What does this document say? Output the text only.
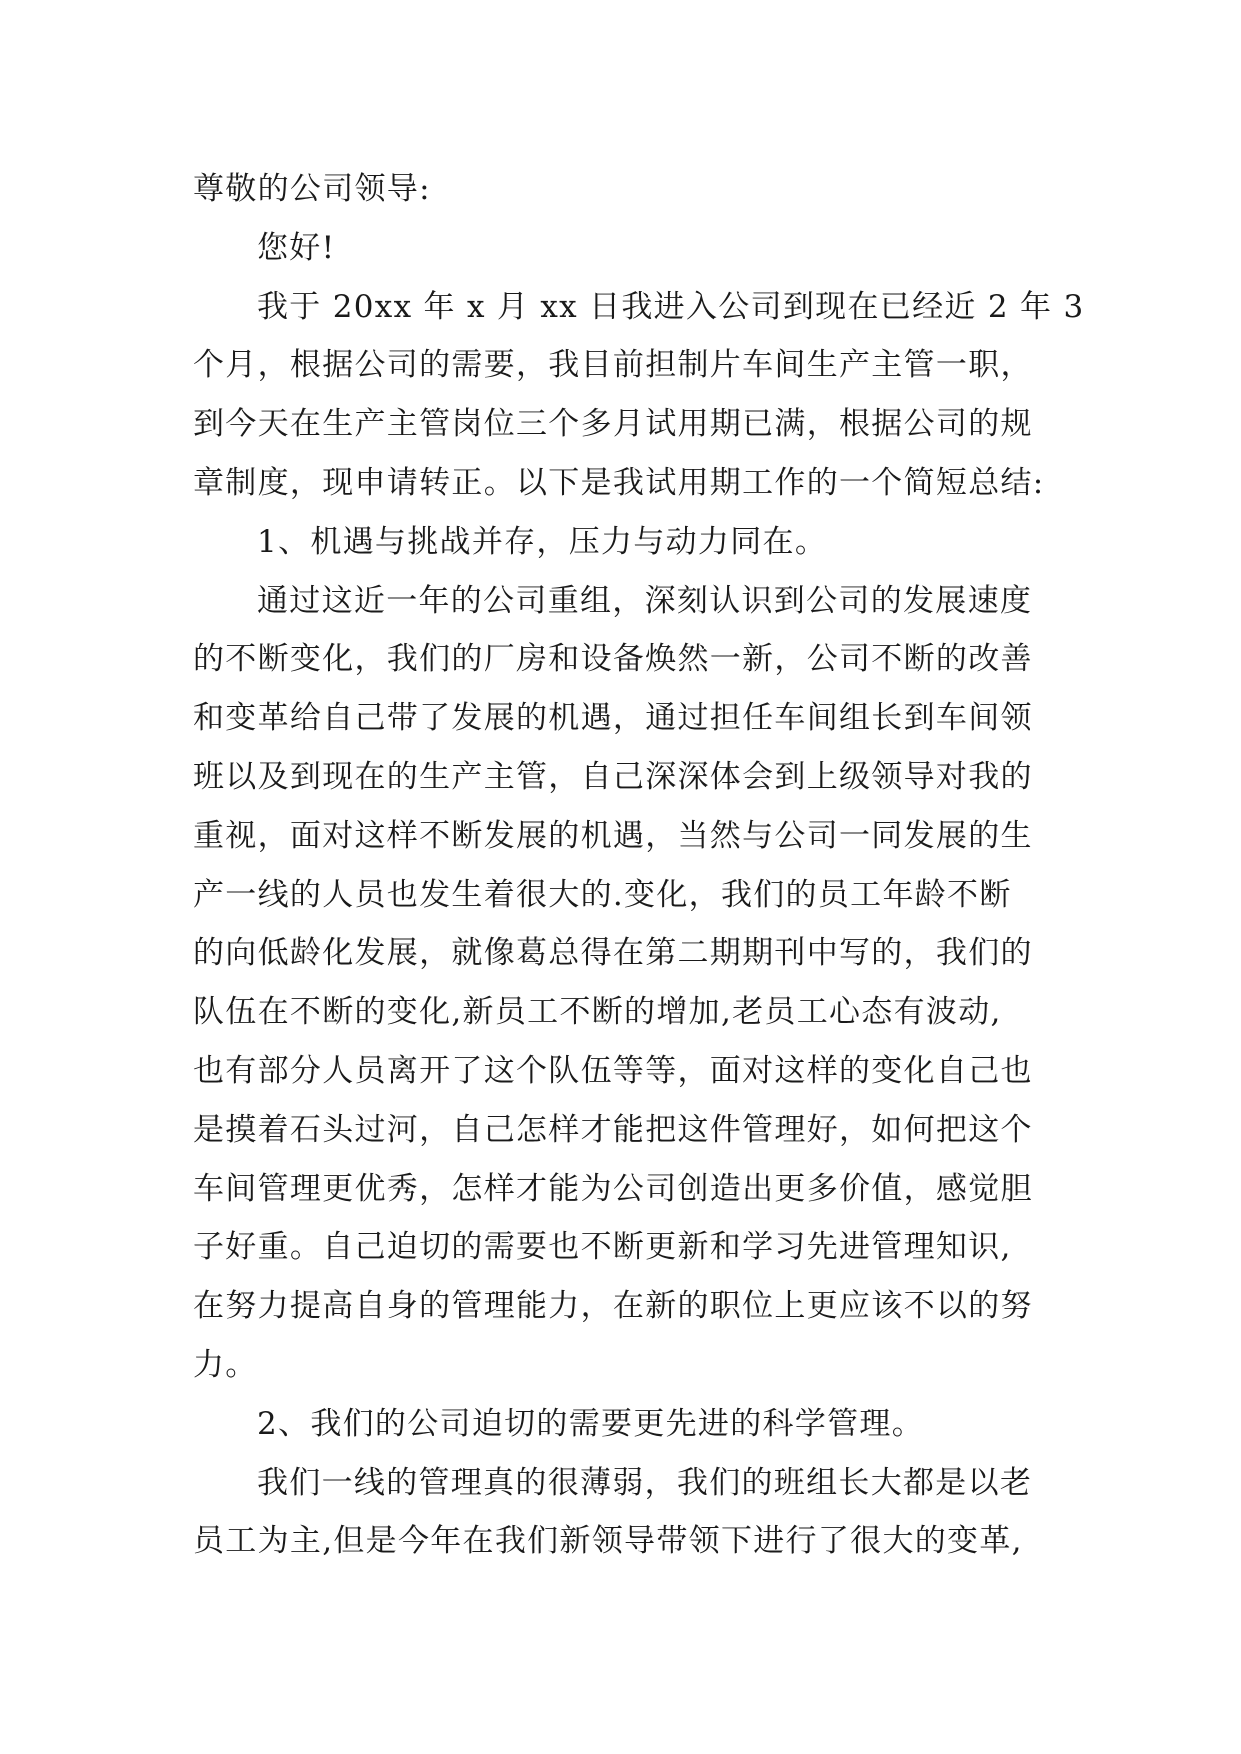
尊敬的公司领导:
您好!
我于 20xx 年 x 月 xx 日我进入公司到现在已经近 2 年 3
个月，根据公司的需要，我目前担制片车间生产主管一职，
到今天在生产主管岗位三个多月试用期已满，根据公司的规
章制度，现申请转正。以下是我试用期工作的一个简短总结:
1、机遇与挑战并存，压力与动力同在。
通过这近一年的公司重组，深刻认识到公司的发展速度
的不断变化，我们的厂房和设备焕然一新，公司不断的改善
和变革给自己带了发展的机遇，通过担任车间组长到车间领
班以及到现在的生产主管，自己深深体会到上级领导对我的
重视，面对这样不断发展的机遇，当然与公司一同发展的生
产一线的人员也发生着很大的.变化，我们的员工年龄不断
的向低龄化发展，就像葛总得在第二期期刊中写的，我们的
队伍在不断的变化,新员工不断的增加,老员工心态有波动,
也有部分人员离开了这个队伍等等，面对这样的变化自己也
是摸着石头过河，自己怎样才能把这件管理好，如何把这个
车间管理更优秀，怎样才能为公司创造出更多价值，感觉胆
子好重。自己迫切的需要也不断更新和学习先进管理知识,
在努力提高自身的管理能力，在新的职位上更应该不以的努
力。
2、我们的公司迫切的需要更先进的科学管理。
我们一线的管理真的很薄弱，我们的班组长大都是以老
员工为主,但是今年在我们新领导带领下进行了很大的变革,
